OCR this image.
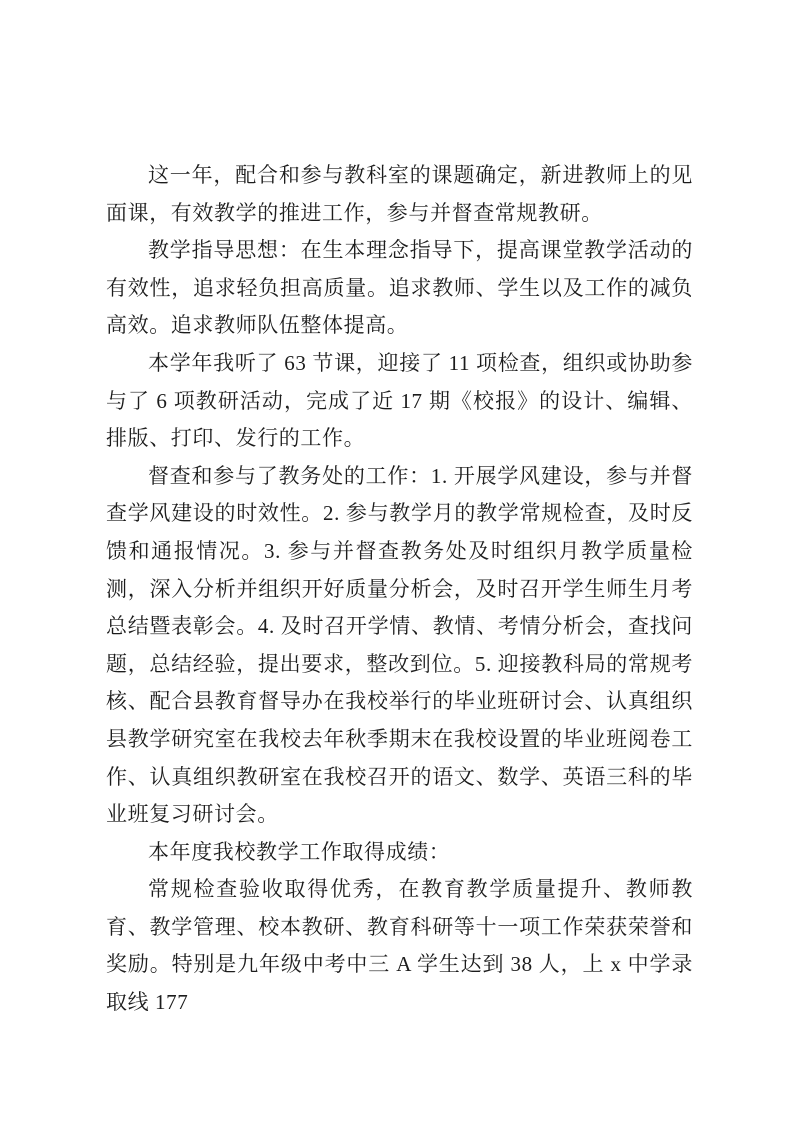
这一年，配合和参与教科室的课题确定，新进教师上的见面课，有效教学的推进工作，参与并督查常规教研。

教学指导思想：在生本理念指导下，提高课堂教学活动的有效性，追求轻负担高质量。追求教师、学生以及工作的减负高效。追求教师队伍整体提高。

本学年我听了 63 节课，迎接了 11 项检查，组织或协助参与了 6 项教研活动，完成了近 17 期《校报》的设计、编辑、排版、打印、发行的工作。

督查和参与了教务处的工作：1. 开展学风建设，参与并督查学风建设的时效性。2. 参与教学月的教学常规检查，及时反馈和通报情况。3. 参与并督查教务处及时组织月教学质量检测，深入分析并组织开好质量分析会，及时召开学生师生月考总结暨表彰会。4. 及时召开学情、教情、考情分析会，查找问题，总结经验，提出要求，整改到位。5. 迎接教科局的常规考核、配合县教育督导办在我校举行的毕业班研讨会、认真组织县教学研究室在我校去年秋季期末在我校设置的毕业班阅卷工作、认真组织教研室在我校召开的语文、数学、英语三科的毕业班复习研讨会。

本年度我校教学工作取得成绩：

常规检查验收取得优秀，在教育教学质量提升、教师教育、教学管理、校本教研、教育科研等十一项工作荣获荣誉和奖励。特别是九年级中考中三 A 学生达到 38 人，上 x 中学录取线 177
